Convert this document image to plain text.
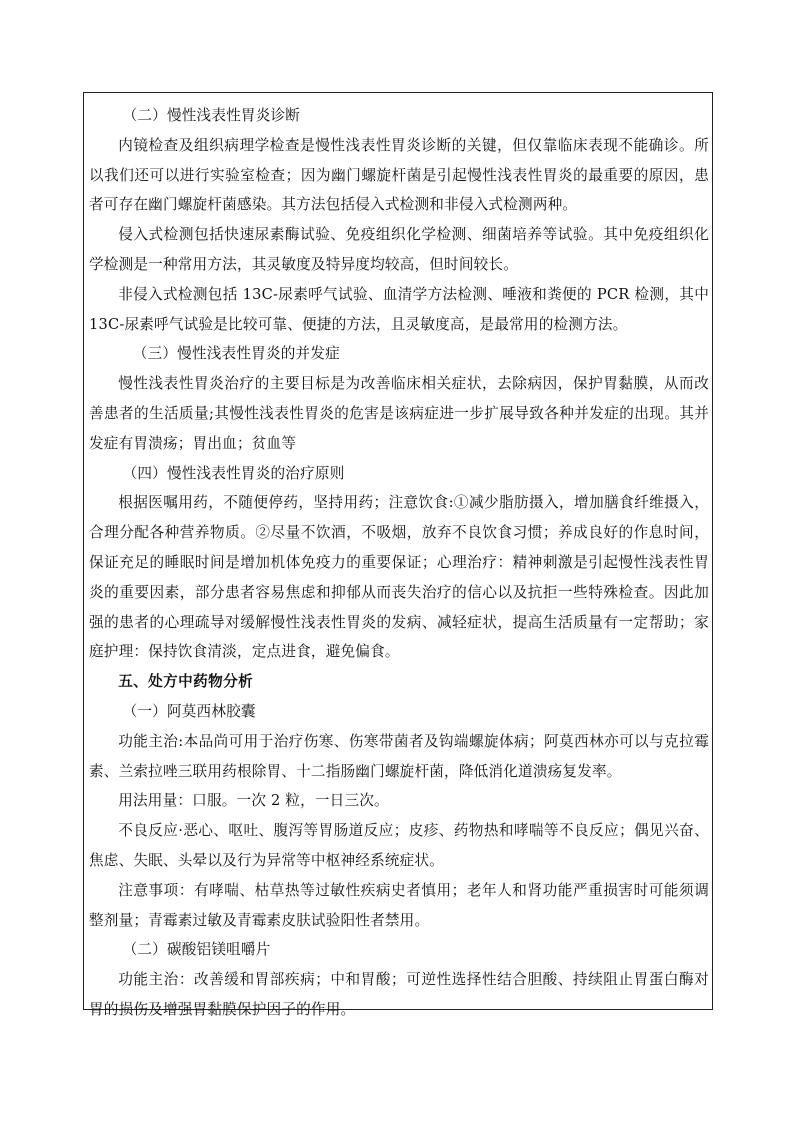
（二）慢性浅表性胃炎诊断

内镜检查及组织病理学检查是慢性浅表性胃炎诊断的关键，但仅靠临床表现不能确诊。所以我们还可以进行实验室检查；因为幽门螺旋杆菌是引起慢性浅表性胃炎的最重要的原因，患者可存在幽门螺旋杆菌感染。其方法包括侵入式检测和非侵入式检测两种。

侵入式检测包括快速尿素酶试验、免疫组织化学检测、细菌培养等试验。其中免疫组织化学检测是一种常用方法，其灵敏度及特异度均较高，但时间较长。

非侵入式检测包括 13C-尿素呼气试验、血清学方法检测、唾液和粪便的 PCR 检测，其中 13C-尿素呼气试验是比较可靠、便捷的方法，且灵敏度高，是最常用的检测方法。

（三）慢性浅表性胃炎的并发症

慢性浅表性胃炎治疗的主要目标是为改善临床相关症状，去除病因，保护胃黏膜，从而改善患者的生活质量;其慢性浅表性胃炎的危害是该病症进一步扩展导致各种并发症的出现。其并发症有胃溃疡；胃出血；贫血等

（四）慢性浅表性胃炎的治疗原则

根据医嘱用药，不随便停药，坚持用药；注意饮食:①减少脂肪摄入，增加膳食纤维摄入，合理分配各种营养物质。②尽量不饮酒，不吸烟，放弃不良饮食习惯；养成良好的作息时间，保证充足的睡眠时间是增加机体免疫力的重要保证；心理治疗：精神刺激是引起慢性浅表性胃炎的重要因素，部分患者容易焦虑和抑郁从而丧失治疗的信心以及抗拒一些特殊检查。因此加强的患者的心理疏导对缓解慢性浅表性胃炎的发病、减轻症状，提高生活质量有一定帮助；家庭护理：保持饮食清淡，定点进食，避免偏食。

五、处方中药物分析

（一）阿莫西林胶囊

功能主治:本品尚可用于治疗伤寒、伤寒带菌者及钩端螺旋体病；阿莫西林亦可以与克拉霉素、兰索拉唑三联用药根除胃、十二指肠幽门螺旋杆菌，降低消化道溃疡复发率。

用法用量：口服。一次 2 粒，一日三次。

不良反应·恶心、呕吐、腹泻等胃肠道反应；皮疹、药物热和哮喘等不良反应；偶见兴奋、焦虑、失眠、头晕以及行为异常等中枢神经系统症状。

注意事项：有哮喘、枯草热等过敏性疾病史者慎用；老年人和肾功能严重损害时可能须调整剂量；青霉素过敏及青霉素皮肤试验阳性者禁用。

（二）碳酸铝镁咀嚼片

功能主治：改善缓和胃部疾病；中和胃酸；可逆性选择性结合胆酸、持续阻止胃蛋白酶对胃的损伤及增强胃黏膜保护因子的作用。
